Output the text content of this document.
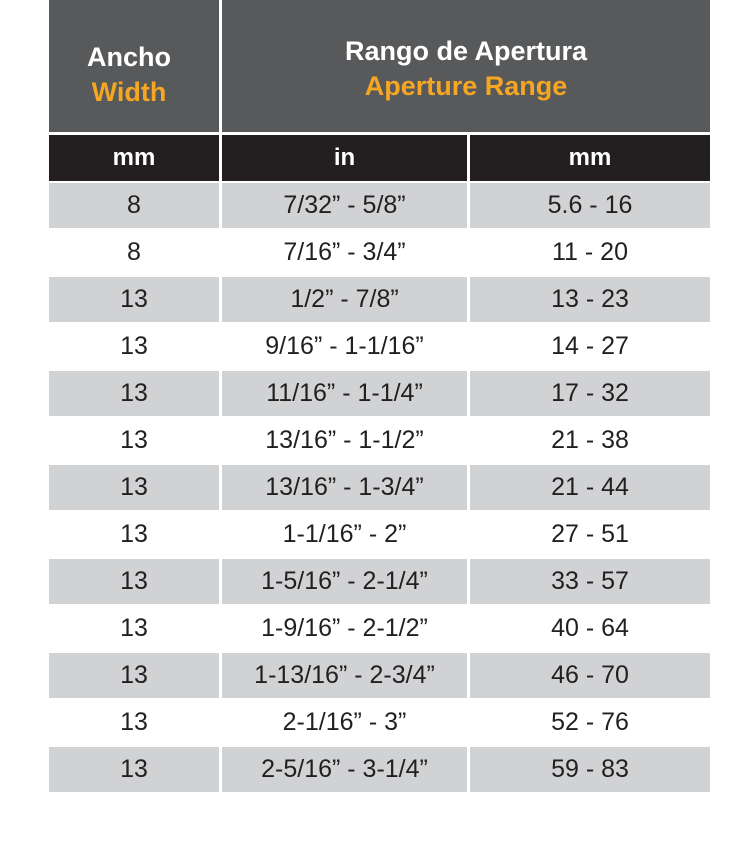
Ancho
Width
Rango de Apertura
Aperture Range
mm	in	mm
8	7/32” - 5/8”	5.6 - 16
8	7/16” - 3/4”	11 - 20
13	1/2” - 7/8”	13 - 23
13	9/16” - 1-1/16”	14 - 27
13	11/16” - 1-1/4”	17 - 32
13	13/16” - 1-1/2”	21 - 38
13	13/16” - 1-3/4”	21 - 44
13	1-1/16” - 2”	27 - 51
13	1-5/16” - 2-1/4”	33 - 57
13	1-9/16” - 2-1/2”	40 - 64
13	1-13/16” - 2-3/4”	46 - 70
13	2-1/16” - 3”	52 - 76
13	2-5/16” - 3-1/4”	59 - 83
